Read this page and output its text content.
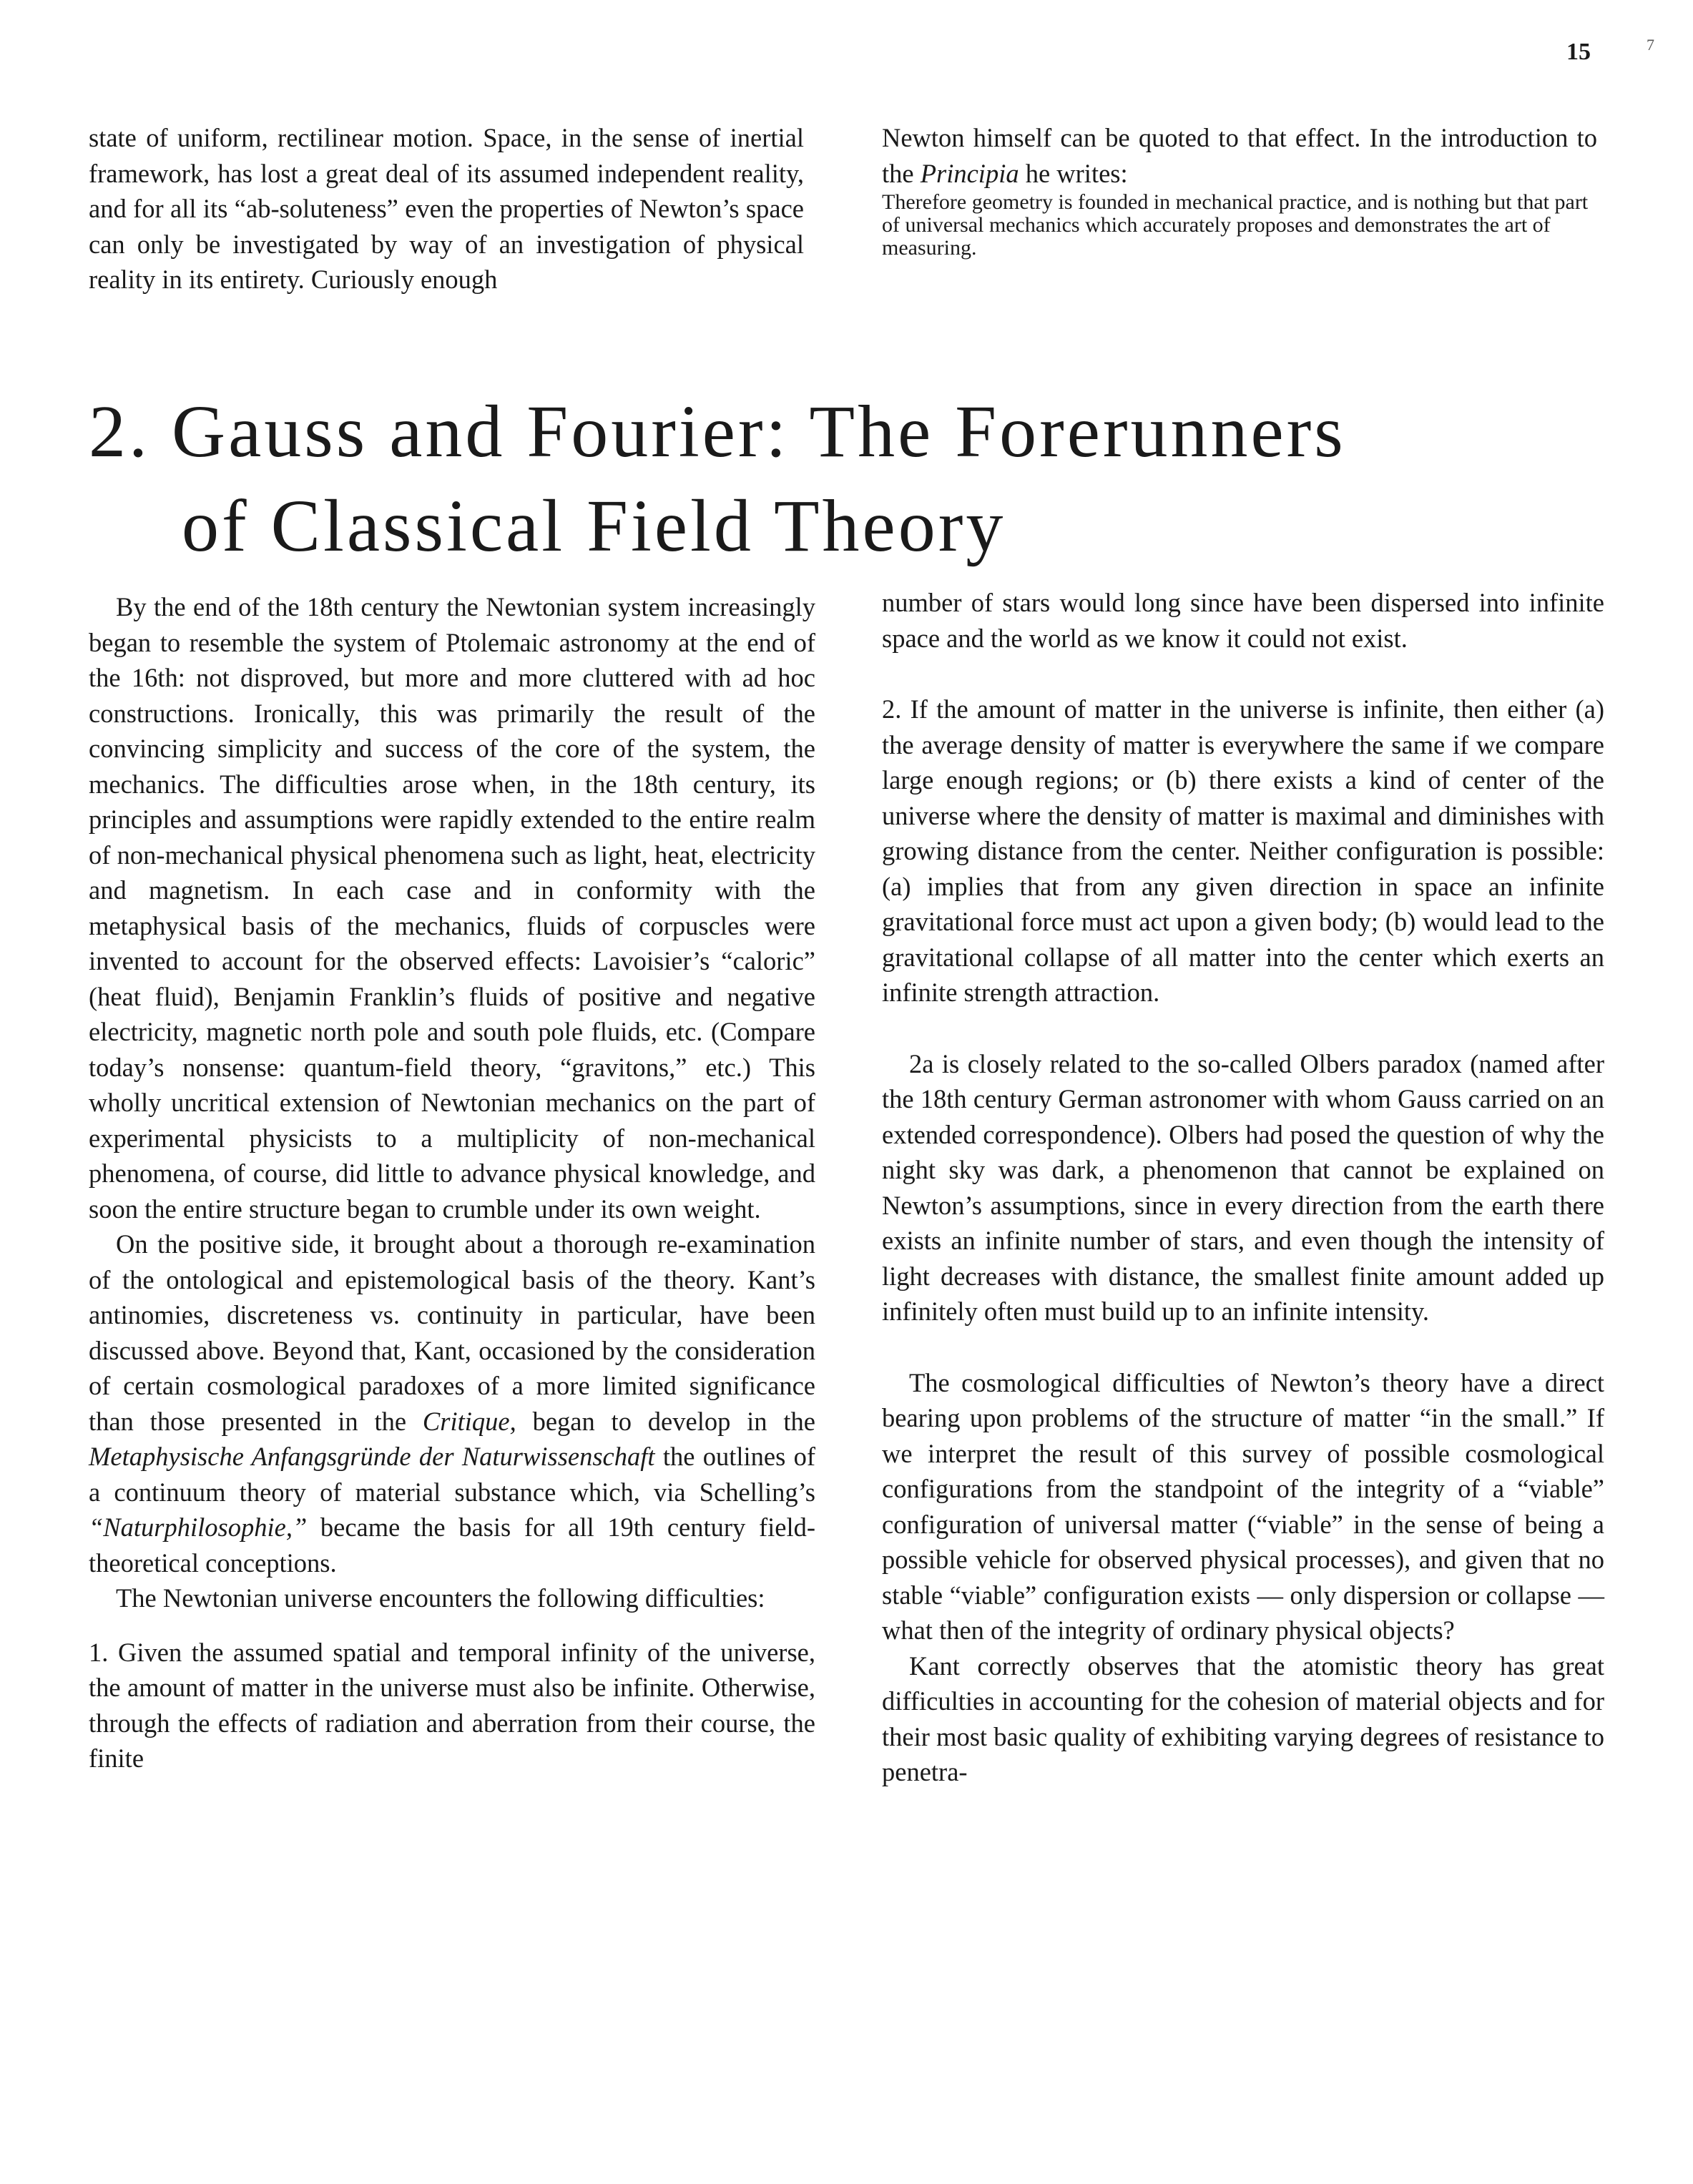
15	7

state of uniform, rectilinear motion. Space, in the sense of inertial framework, has lost a great deal of its assumed independent reality, and for all its “ab-soluteness” even the properties of Newton’s space can only be investigated by way of an investigation of physical reality in its entirety. Curiously enough

Newton himself can be quoted to that effect. In the introduction to the Principia he writes:

Therefore geometry is founded in mechanical practice, and is nothing but that part of universal mechanics which accurately proposes and demonstrates the art of measuring.

2. Gauss and Fourier: The Forerunners
of Classical Field Theory

By the end of the 18th century the Newtonian system increasingly began to resemble the system of Ptolemaic astronomy at the end of the 16th: not disproved, but more and more cluttered with ad hoc constructions. Ironically, this was primarily the result of the convincing simplicity and success of the core of the system, the mechanics. The difficulties arose when, in the 18th century, its principles and assumptions were rapidly extended to the entire realm of non-mechanical physical phenomena such as light, heat, electricity and magnetism. In each case and in conformity with the metaphysical basis of the mechanics, fluids of corpuscles were invented to account for the observed effects: Lavoisier’s “caloric” (heat fluid), Benjamin Franklin’s fluids of positive and negative electricity, magnetic north pole and south pole fluids, etc. (Compare today’s nonsense: quantum-field theory, “gravitons,” etc.) This wholly uncritical extension of Newtonian mechanics on the part of experimental physicists to a multiplicity of non-mechanical phenomena, of course, did little to advance physical knowledge, and soon the entire structure began to crumble under its own weight.

On the positive side, it brought about a thorough re-examination of the ontological and epistemological basis of the theory. Kant’s antinomies, discreteness vs. continuity in particular, have been discussed above. Beyond that, Kant, occasioned by the consideration of certain cosmological paradoxes of a more limited significance than those presented in the Critique, began to develop in the Metaphysische Anfangsgründe der Naturwissenschaft the outlines of a continuum theory of material substance which, via Schelling’s “Naturphilosophie,” became the basis for all 19th century field-theoretical conceptions.

The Newtonian universe encounters the following difficulties:

1. Given the assumed spatial and temporal infinity of the universe, the amount of matter in the universe must also be infinite. Otherwise, through the effects of radiation and aberration from their course, the finite

number of stars would long since have been dispersed into infinite space and the world as we know it could not exist.

2. If the amount of matter in the universe is infinite, then either (a) the average density of matter is everywhere the same if we compare large enough regions; or (b) there exists a kind of center of the universe where the density of matter is maximal and diminishes with growing distance from the center. Neither configuration is possible: (a) implies that from any given direction in space an infinite gravitational force must act upon a given body; (b) would lead to the gravitational collapse of all matter into the center which exerts an infinite strength attraction.

2a is closely related to the so-called Olbers paradox (named after the 18th century German astronomer with whom Gauss carried on an extended correspondence). Olbers had posed the question of why the night sky was dark, a phenomenon that cannot be explained on Newton’s assumptions, since in every direction from the earth there exists an infinite number of stars, and even though the intensity of light decreases with distance, the smallest finite amount added up infinitely often must build up to an infinite intensity.

The cosmological difficulties of Newton’s theory have a direct bearing upon problems of the structure of matter “in the small.” If we interpret the result of this survey of possible cosmological configurations from the standpoint of the integrity of a “viable” configuration of universal matter (“viable” in the sense of being a possible vehicle for observed physical processes), and given that no stable “viable” configuration exists — only dispersion or collapse — what then of the integrity of ordinary physical objects?

Kant correctly observes that the atomistic theory has great difficulties in accounting for the cohesion of material objects and for their most basic quality of exhibiting varying degrees of resistance to penetra-
